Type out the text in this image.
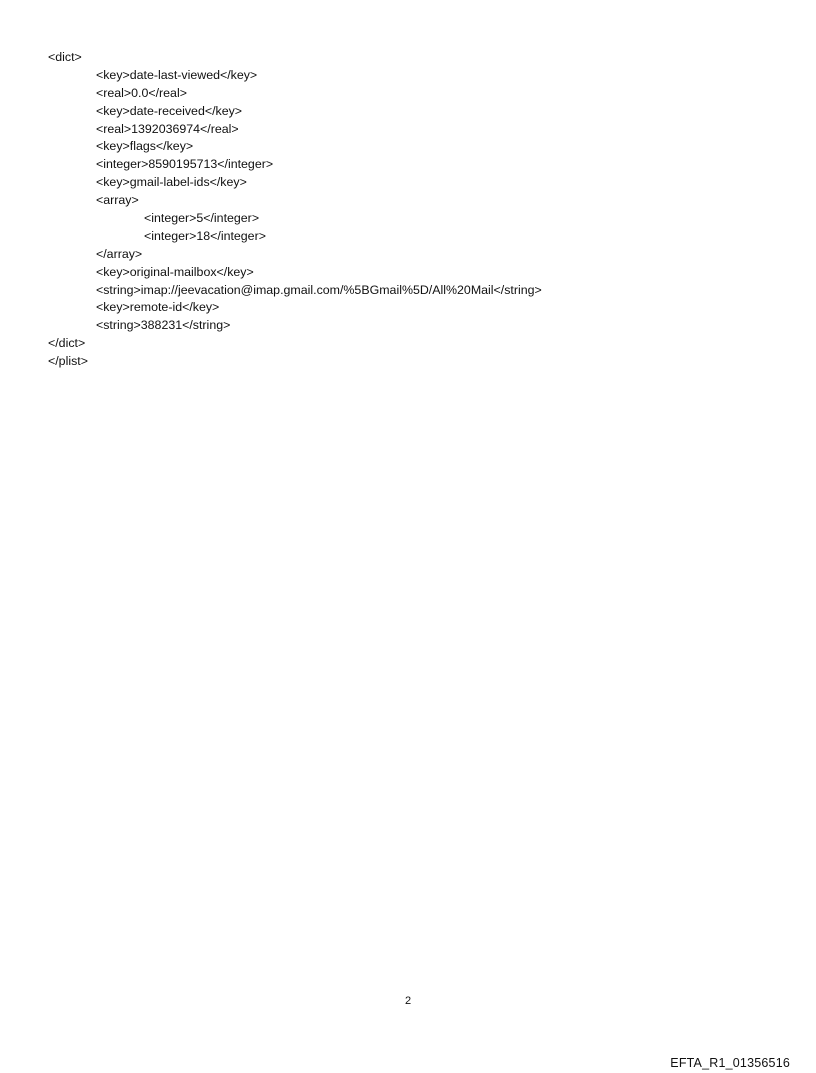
<dict>
<key>date-last-viewed</key>
<real>0.0</real>
<key>date-received</key>
<real>1392036974</real>
<key>flags</key>
<integer>8590195713</integer>
<key>gmail-label-ids</key>
<array>
<integer>5</integer>
<integer>18</integer>
</array>
<key>original-mailbox</key>
<string>imap://jeevacation@imap.gmail.com/%5BGmail%5D/All%20Mail</string>
<key>remote-id</key>
<string>388231</string>
</dict>
</plist>
2
EFTA_R1_01356516
